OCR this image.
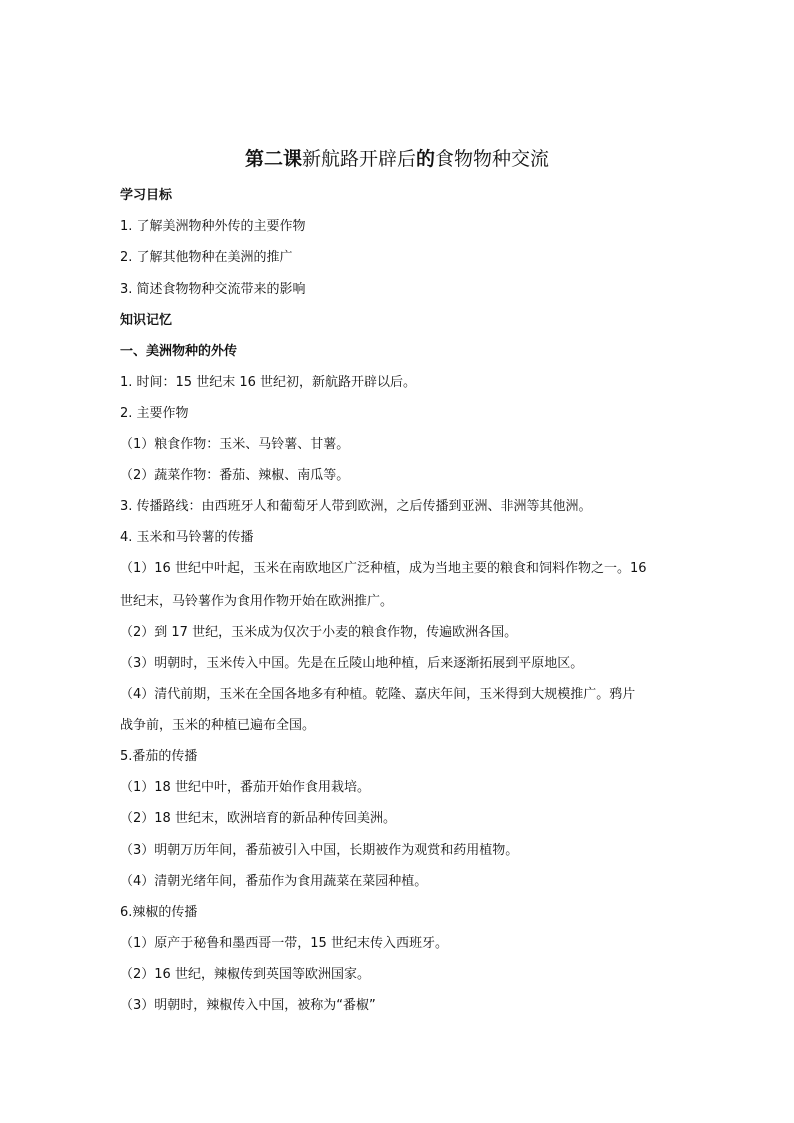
第二课新航路开辟后的食物物种交流
学习目标
1. 了解美洲物种外传的主要作物
2. 了解其他物种在美洲的推广
3. 简述食物物种交流带来的影响
知识记忆
一、美洲物种的外传
1. 时间：15 世纪末 16 世纪初，新航路开辟以后。
2. 主要作物
（1）粮食作物：玉米、马铃薯、甘薯。
（2）蔬菜作物：番茄、辣椒、南瓜等。
3. 传播路线：由西班牙人和葡萄牙人带到欧洲，之后传播到亚洲、非洲等其他洲。
4. 玉米和马铃薯的传播
（1）16 世纪中叶起，玉米在南欧地区广泛种植，成为当地主要的粮食和饲料作物之一。16
世纪末，马铃薯作为食用作物开始在欧洲推广。
（2）到 17 世纪，玉米成为仅次于小麦的粮食作物，传遍欧洲各国。
（3）明朝时，玉米传入中国。先是在丘陵山地种植，后来逐渐拓展到平原地区。
（4）清代前期，玉米在全国各地多有种植。乾隆、嘉庆年间，玉米得到大规模推广。鸦片
战争前，玉米的种植已遍布全国。
5.番茄的传播
（1）18 世纪中叶，番茄开始作食用栽培。
（2）18 世纪末，欧洲培育的新品种传回美洲。
（3）明朝万历年间，番茄被引入中国，长期被作为观赏和药用植物。
（4）清朝光绪年间，番茄作为食用蔬菜在菜园种植。
6.辣椒的传播
（1）原产于秘鲁和墨西哥一带，15 世纪末传入西班牙。
（2）16 世纪，辣椒传到英国等欧洲国家。
（3）明朝时，辣椒传入中国，被称为“番椒”
